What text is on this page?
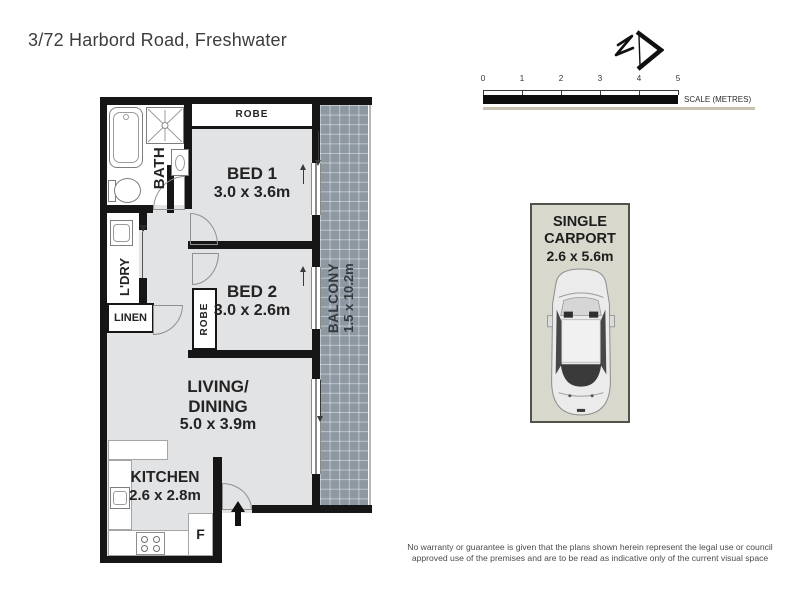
3/72 Harbord Road, Freshwater
0	1	2	3	4	5
SCALE (METRES)
ROBE
ROBE
LINEN
F
BED 1
3.0 x 3.6m
BED 2
3.0 x 2.6m
LIVING/
DINING
5.0 x 3.9m
KITCHEN
2.6 x 2.8m
BATH
L'DRY	BALCONY 1.5 x 10.2m
SINGLE
CARPORT
2.6 x 5.6m
No warranty or guarantee is given that the plans shown herein represent the legal use or council
approved use of the premises and are to be read as indicative only of the current visual space
